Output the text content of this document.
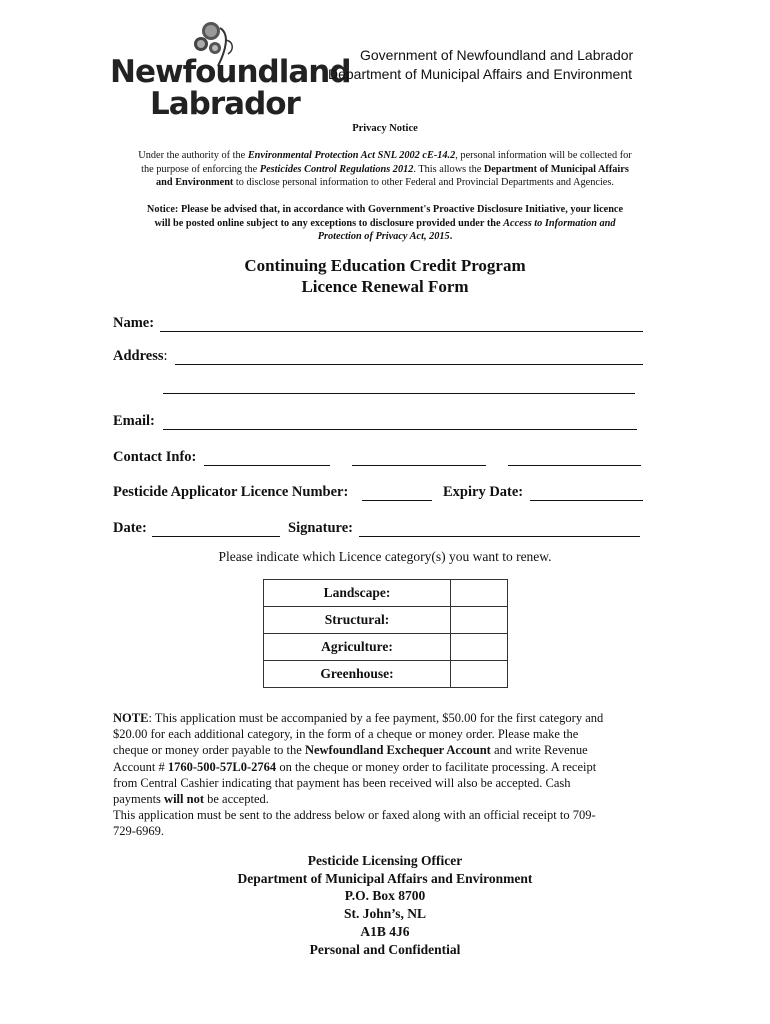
Newfoundland
Labrador
Government of Newfoundland and Labrador
Department of Municipal Affairs and Environment
Privacy Notice
Under the authority of the Environmental Protection Act SNL 2002 cE-14.2, personal information will be collected for
the purpose of enforcing the Pesticides Control Regulations 2012. This allows the Department of Municipal Affairs
and Environment to disclose personal information to other Federal and Provincial Departments and Agencies.
Notice: Please be advised that, in accordance with Government's Proactive Disclosure Initiative, your licence
will be posted online subject to any exceptions to disclosure provided under the Access to Information and
Protection of Privacy Act, 2015.
Continuing Education Credit Program
Licence Renewal Form
Name:
Address:
Email:
Contact Info:
Pesticide Applicator Licence Number:	Expiry Date:
Date:	Signature:
Please indicate which Licence category(s) you want to renew.
Landscape:	
Structural:	
Agriculture:	
Greenhouse:	
NOTE: This application must be accompanied by a fee payment, $50.00 for the first category and
$20.00 for each additional category, in the form of a cheque or money order. Please make the
cheque or money order payable to the Newfoundland Exchequer Account and write Revenue
Account # 1760-500-57L0-2764 on the cheque or money order to facilitate processing. A receipt
from Central Cashier indicating that payment has been received will also be accepted. Cash
payments will not be accepted.
This application must be sent to the address below or faxed along with an official receipt to 709-
729-6969.
Pesticide Licensing Officer
Department of Municipal Affairs and Environment
P.O. Box 8700
St. John’s, NL
A1B 4J6
Personal and Confidential
